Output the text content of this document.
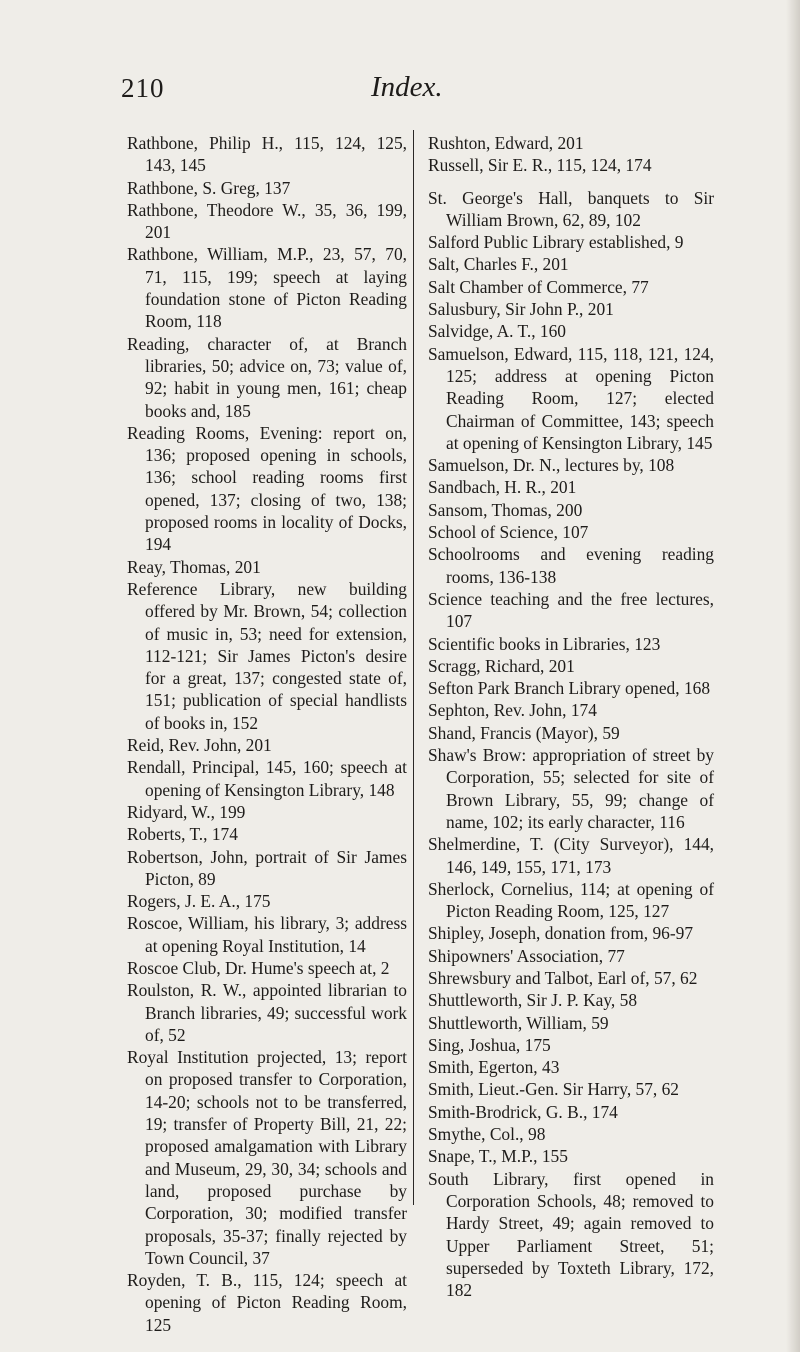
210	Index.

Rathbone, Philip H., 115, 124, 125, 143, 145

Rathbone, S. Greg, 137

Rathbone, Theodore W., 35, 36, 199, 201

Rathbone, William, M.P., 23, 57, 70, 71, 115, 199; speech at laying foundation stone of Picton Reading Room, 118

Reading, character of, at Branch libraries, 50; advice on, 73; value of, 92; habit in young men, 161; cheap books and, 185

Reading Rooms, Evening: report on, 136; proposed opening in schools, 136; school reading rooms first opened, 137; closing of two, 138; proposed rooms in locality of Docks, 194

Reay, Thomas, 201

Reference Library, new building offered by Mr. Brown, 54; collection of music in, 53; need for extension, 112-121; Sir James Picton's desire for a great, 137; congested state of, 151; publication of special handlists of books in, 152

Reid, Rev. John, 201

Rendall, Principal, 145, 160; speech at opening of Kensington Library, 148

Ridyard, W., 199

Roberts, T., 174

Robertson, John, portrait of Sir James Picton, 89

Rogers, J. E. A., 175

Roscoe, William, his library, 3; address at opening Royal Institution, 14

Roscoe Club, Dr. Hume's speech at, 2

Roulston, R. W., appointed librarian to Branch libraries, 49; successful work of, 52

Royal Institution projected, 13; report on proposed transfer to Corporation, 14-20; schools not to be transferred, 19; transfer of Property Bill, 21, 22; proposed amalgamation with Library and Museum, 29, 30, 34; schools and land, proposed purchase by Corporation, 30; modified transfer proposals, 35-37; finally rejected by Town Council, 37

Royden, T. B., 115, 124; speech at opening of Picton Reading Room, 125

Rushton, Edward, 201

Russell, Sir E. R., 115, 124, 174

St. George's Hall, banquets to Sir William Brown, 62, 89, 102

Salford Public Library established, 9

Salt, Charles F., 201

Salt Chamber of Commerce, 77

Salusbury, Sir John P., 201

Salvidge, A. T., 160

Samuelson, Edward, 115, 118, 121, 124, 125; address at opening Picton Reading Room, 127; elected Chairman of Committee, 143; speech at opening of Kensington Library, 145

Samuelson, Dr. N., lectures by, 108

Sandbach, H. R., 201

Sansom, Thomas, 200

School of Science, 107

Schoolrooms and evening reading rooms, 136-138

Science teaching and the free lectures, 107

Scientific books in Libraries, 123

Scragg, Richard, 201

Sefton Park Branch Library opened, 168

Sephton, Rev. John, 174

Shand, Francis (Mayor), 59

Shaw's Brow: appropriation of street by Corporation, 55; selected for site of Brown Library, 55, 99; change of name, 102; its early character, 116

Shelmerdine, T. (City Surveyor), 144, 146, 149, 155, 171, 173

Sherlock, Cornelius, 114; at opening of Picton Reading Room, 125, 127

Shipley, Joseph, donation from, 96-97

Shipowners' Association, 77

Shrewsbury and Talbot, Earl of, 57, 62

Shuttleworth, Sir J. P. Kay, 58

Shuttleworth, William, 59

Sing, Joshua, 175

Smith, Egerton, 43

Smith, Lieut.-Gen. Sir Harry, 57, 62

Smith-Brodrick, G. B., 174

Smythe, Col., 98

Snape, T., M.P., 155

South Library, first opened in Corporation Schools, 48; removed to Hardy Street, 49; again removed to Upper Parliament Street, 51; superseded by Toxteth Library, 172, 182
